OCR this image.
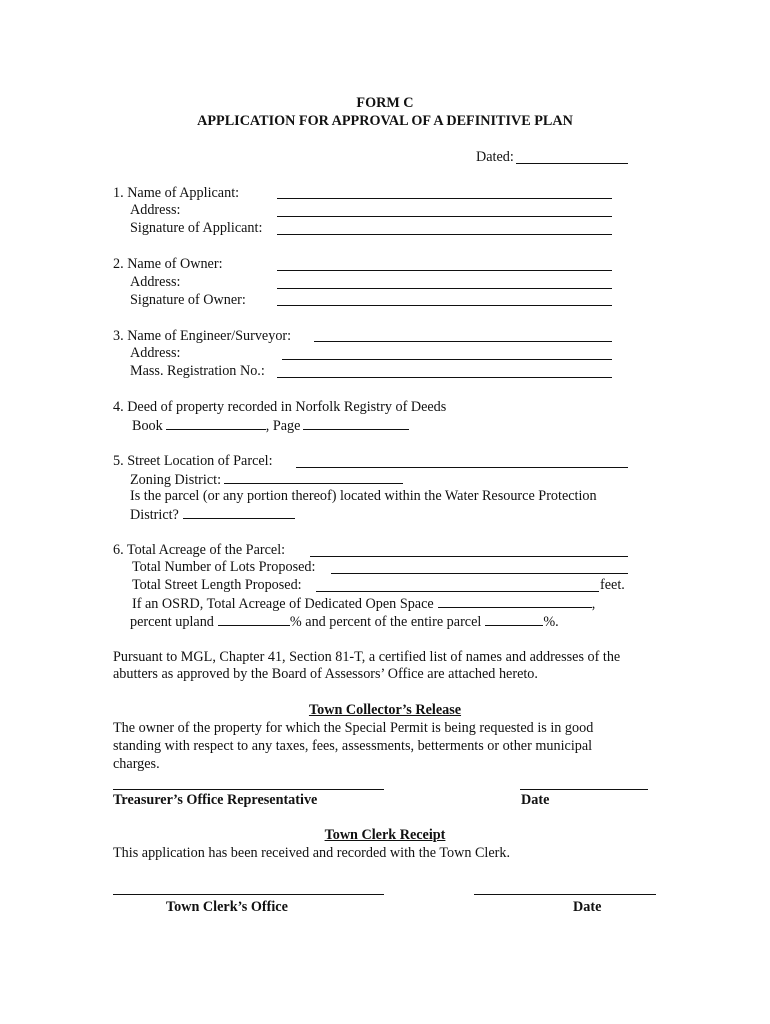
FORM C
APPLICATION FOR APPROVAL OF A DEFINITIVE PLAN
Dated:
1. Name of Applicant:
Address:
Signature of Applicant:
2. Name of Owner:
Address:
Signature of Owner:
3. Name of Engineer/Surveyor:
Address:
Mass. Registration No.:
4. Deed of property recorded in Norfolk Registry of Deeds
Book	, Page
5. Street Location of Parcel:
Zoning District:
Is the parcel (or any portion thereof) located within the Water Resource Protection
District?
6. Total Acreage of the Parcel:
Total Number of Lots Proposed:
Total Street Length Proposed:	feet.
If an OSRD, Total Acreage of Dedicated Open Space	,
percent upland	% and percent of the entire parcel	%.
Pursuant to MGL, Chapter 41, Section 81-T, a certified list of names and addresses of the
abutters as approved by the Board of Assessors’ Office are attached hereto.
Town Collector’s Release
The owner of the property for which the Special Permit is being requested is in good
standing with respect to any taxes, fees, assessments, betterments or other municipal
charges.
Treasurer’s Office Representative	Date
Town Clerk Receipt
This application has been received and recorded with the Town Clerk.
Town Clerk’s Office	Date
